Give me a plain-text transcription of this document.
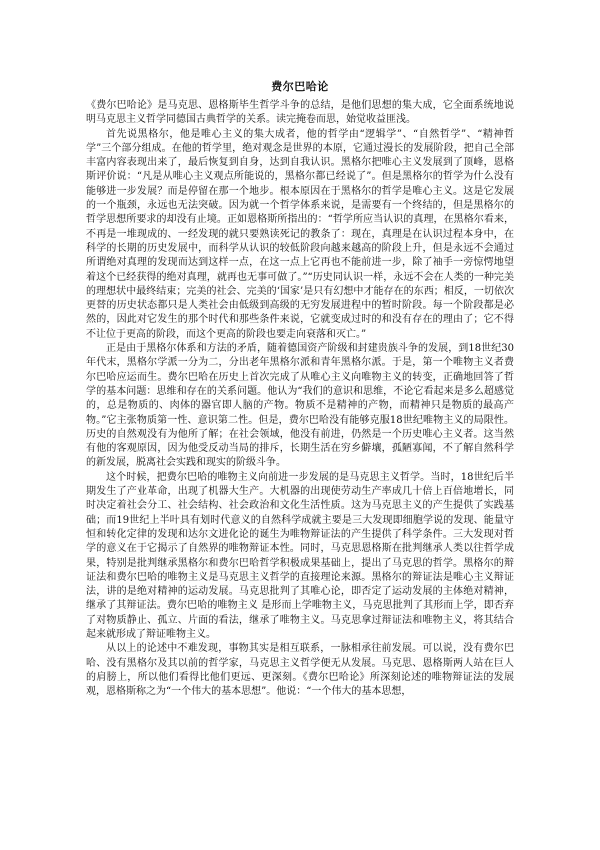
费尔巴哈论

《费尔巴哈论》是马克思、恩格斯毕生哲学斗争的总结，是他们思想的集大成，它全面系统地说明马克思主义哲学同德国古典哲学的关系。读完掩卷而思，始觉收益匪浅。

首先说黑格尔，他是唯心主义的集大成者，他的哲学由“逻辑学”、“自然哲学”、“精神哲学”三个部分组成。在他的哲学里，绝对观念是世界的本原，它通过漫长的发展阶段，把自己全部丰富内容表现出来了，最后恢复到自身，达到自我认识。黑格尔把唯心主义发展到了顶峰，恩格斯评价说：“凡是从唯心主义观点所能说的，黑格尔都已经说了”。但是黑格尔的哲学为什么没有能够进一步发展？而是停留在那一个地步。根本原因在于黑格尔的哲学是唯心主义。这是它发展的一个瓶颈，永远也无法突破。因为就一个哲学体系来说，是需要有一个终结的，但是黑格尔的哲学思想所要求的却没有止境。正如恩格斯所指出的：“哲学所应当认识的真理，在黑格尔看来，不再是一堆现成的、一经发现的就只要熟读死记的教条了：现在，真理是在认识过程本身中，在科学的长期的历史发展中，而科学从认识的较低阶段向越来越高的阶段上升，但是永远不会通过所谓绝对真理的发现而达到这样一点，在这一点上它再也不能前进一步，除了袖手一旁惊愕地望着这个已经获得的绝对真理，就再也无事可做了。”“历史同认识一样，永远不会在人类的一种完美的理想状中最终结束；完美的社会、完美的‘国家’是只有幻想中才能存在的东西；相反，一切依次更替的历史状态都只是人类社会由低级到高级的无穷发展进程中的暂时阶段。每一个阶段都是必然的，因此对它发生的那个时代和那些条件来说，它就变成过时的和没有存在的理由了；它不得不让位于更高的阶段，而这个更高的阶段也要走向衰落和灭亡。”

正是由于黑格尔体系和方法的矛盾，随着德国资产阶级和封建贵族斗争的发展，到18世纪30年代末，黑格尔学派一分为二，分出老年黑格尔派和青年黑格尔派。于是，第一个唯物主义者费尔巴哈应运而生。费尔巴哈在历史上首次完成了从唯心主义向唯物主义的转变，正确地回答了哲学的基本问题：思维和存在的关系问题。他认为“我们的意识和思维，不论它看起来是多么超感觉的，总是物质的、肉体的器官即人脑的产物。物质不是精神的产物，而精神只是物质的最高产物。”它主张物质第一性、意识第二性。但是，费尔巴哈没有能够克服18世纪唯物主义的局限性。历史的自然观没有为他所了解；在社会领域，他没有前进，仍然是一个历史唯心主义者。这当然有他的客观原因，因为他受反动当局的排斥，长期生活在穷乡僻壤，孤陋寡闻，不了解自然科学的新发展，脱离社会实践和现实的阶级斗争。

这个时候，把费尔巴哈的唯物主义向前进一步发展的是马克思主义哲学。当时，18世纪后半期发生了产业革命，出现了机器大生产。大机器的出现使劳动生产率成几十倍上百倍地增长，同时决定着社会分工、社会结构、社会政治和文化生活性质。这为马克思主义的产生提供了实践基础；而19世纪上半叶具有划时代意义的自然科学成就主要是三大发现即细胞学说的发现、能量守恒和转化定律的发现和达尔文进化论的诞生为唯物辩证法的产生提供了科学条件。三大发现对哲学的意义在于它揭示了自然界的唯物辩证本性。同时，马克思恩格斯在批判继承人类以往哲学成果，特别是批判继承黑格尔和费尔巴哈哲学积极成果基础上，提出了马克思的哲学。黑格尔的辩证法和费尔巴哈的唯物主义是马克思主义哲学的直接理论来源。黑格尔的辩证法是唯心主义辩证法，讲的是绝对精神的运动发展。马克思批判了其唯心论，即否定了运动发展的主体绝对精神，继承了其辩证法。费尔巴哈的唯物主义 是形而上学唯物主义，马克思批判了其形而上学，即否弃了对物质静止、孤立、片面的看法，继承了唯物主义。马克思拿过辩证法和唯物主义，将其结合起来就形成了辩证唯物主义。

从以上的论述中不难发现，事物其实是相互联系，一脉相承往前发展。可以说，没有费尔巴哈、没有黑格尔及其以前的哲学家，马克思主义哲学便无从发展。马克思、恩格斯两人站在巨人的肩膀上，所以他们看得比他们更远、更深刻。《费尔巴哈论》所深刻论述的唯物辩证法的发展观，恩格斯称之为“一个伟大的基本思想”。他说：“一个伟大的基本思想，
